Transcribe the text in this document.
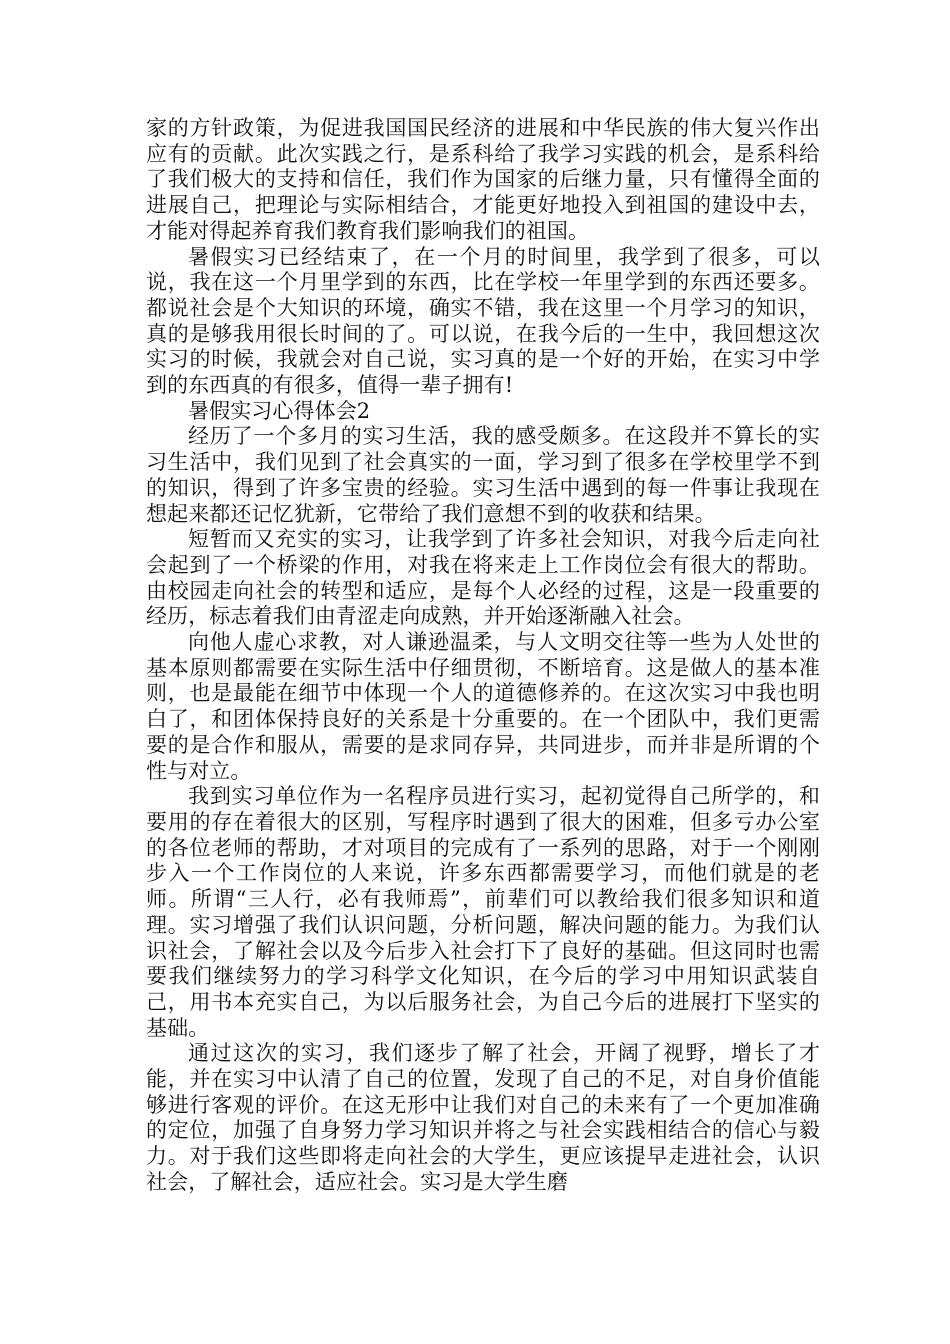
家的方针政策，为促进我国国民经济的进展和中华民族的伟大复兴作出应有的贡献。此次实践之行，是系科给了我学习实践的机会，是系科给了我们极大的支持和信任，我们作为国家的后继力量，只有懂得全面的进展自己，把理论与实际相结合，才能更好地投入到祖国的建设中去，才能对得起养育我们教育我们影响我们的祖国。

暑假实习已经结束了，在一个月的时间里，我学到了很多，可以说，我在这一个月里学到的东西，比在学校一年里学到的东西还要多。都说社会是个大知识的环境，确实不错，我在这里一个月学习的知识，真的是够我用很长时间的了。可以说，在我今后的一生中，我回想这次实习的时候，我就会对自己说，实习真的是一个好的开始，在实习中学到的东西真的有很多，值得一辈子拥有!

暑假实习心得体会2

经历了一个多月的实习生活，我的感受颇多。在这段并不算长的实习生活中，我们见到了社会真实的一面，学习到了很多在学校里学不到的知识，得到了许多宝贵的经验。实习生活中遇到的每一件事让我现在想起来都还记忆犹新，它带给了我们意想不到的收获和结果。

短暂而又充实的实习，让我学到了许多社会知识，对我今后走向社会起到了一个桥梁的作用，对我在将来走上工作岗位会有很大的帮助。由校园走向社会的转型和适应，是每个人必经的过程，这是一段重要的经历，标志着我们由青涩走向成熟，并开始逐渐融入社会。

向他人虚心求教，对人谦逊温柔，与人文明交往等一些为人处世的基本原则都需要在实际生活中仔细贯彻，不断培育。这是做人的基本准则，也是最能在细节中体现一个人的道德修养的。在这次实习中我也明白了，和团体保持良好的关系是十分重要的。在一个团队中，我们更需要的是合作和服从，需要的是求同存异，共同进步，而并非是所谓的个性与对立。

我到实习单位作为一名程序员进行实习，起初觉得自己所学的，和要用的存在着很大的区别，写程序时遇到了很大的困难，但多亏办公室的各位老师的帮助，才对项目的完成有了一系列的思路，对于一个刚刚步入一个工作岗位的人来说，许多东西都需要学习，而他们就是的老师。所谓“三人行，必有我师焉”，前辈们可以教给我们很多知识和道理。实习增强了我们认识问题，分析问题，解决问题的能力。为我们认识社会，了解社会以及今后步入社会打下了良好的基础。但这同时也需要我们继续努力的学习科学文化知识，在今后的学习中用知识武装自己，用书本充实自己，为以后服务社会，为自己今后的进展打下坚实的基础。

通过这次的实习，我们逐步了解了社会，开阔了视野，增长了才能，并在实习中认清了自己的位置，发现了自己的不足，对自身价值能够进行客观的评价。在这无形中让我们对自己的未来有了一个更加准确的定位，加强了自身努力学习知识并将之与社会实践相结合的信心与毅力。对于我们这些即将走向社会的大学生，更应该提早走进社会，认识社会，了解社会，适应社会。实习是大学生磨
